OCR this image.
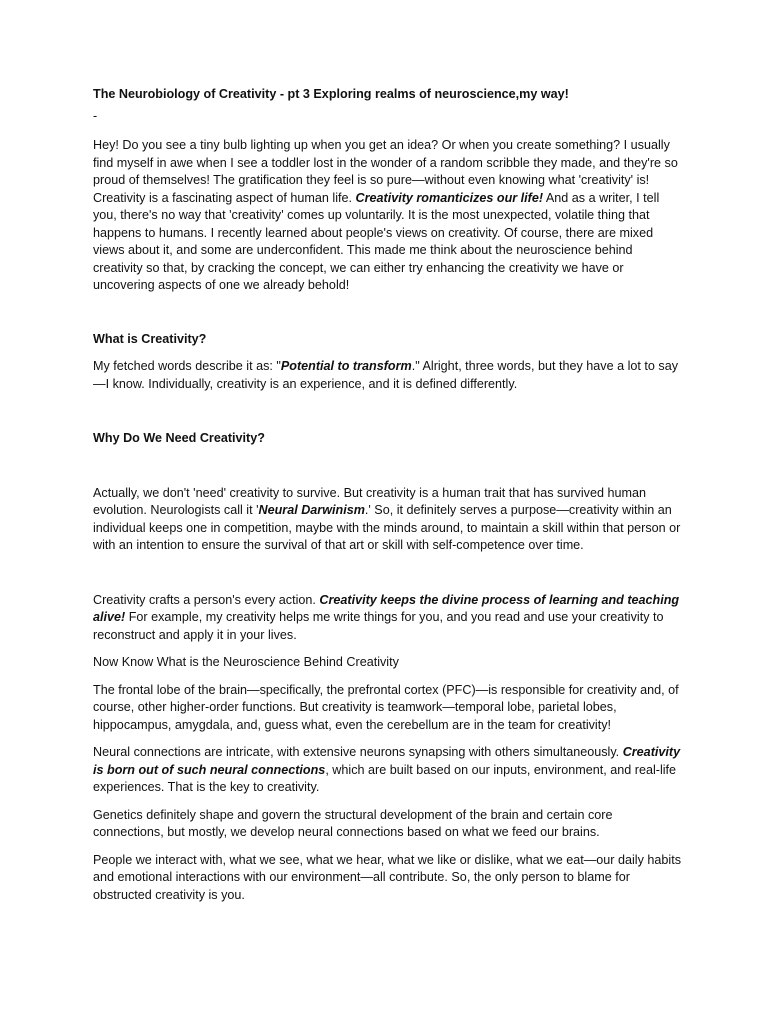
The Neurobiology of Creativity - pt 3 Exploring realms of neuroscience,my way!

-

Hey! Do you see a tiny bulb lighting up when you get an idea? Or when you create something? I usually find myself in awe when I see a toddler lost in the wonder of a random scribble they made, and they're so proud of themselves! The gratification they feel is so pure—without even knowing what 'creativity' is! Creativity is a fascinating aspect of human life. Creativity romanticizes our life! And as a writer, I tell you, there's no way that 'creativity' comes up voluntarily. It is the most unexpected, volatile thing that happens to humans. I recently learned about people's views on creativity. Of course, there are mixed views about it, and some are underconfident. This made me think about the neuroscience behind creativity so that, by cracking the concept, we can either try enhancing the creativity we have or uncovering aspects of one we already behold!

What is Creativity?

My fetched words describe it as: "Potential to transform." Alright, three words, but they have a lot to say—I know. Individually, creativity is an experience, and it is defined differently.

Why Do We Need Creativity?

Actually, we don't 'need' creativity to survive. But creativity is a human trait that has survived human evolution. Neurologists call it 'Neural Darwinism.' So, it definitely serves a purpose—creativity within an individual keeps one in competition, maybe with the minds around, to maintain a skill within that person or with an intention to ensure the survival of that art or skill with self-competence over time.

Creativity crafts a person's every action. Creativity keeps the divine process of learning and teaching alive! For example, my creativity helps me write things for you, and you read and use your creativity to reconstruct and apply it in your lives.

Now Know What is the Neuroscience Behind Creativity

The frontal lobe of the brain—specifically, the prefrontal cortex (PFC)—is responsible for creativity and, of course, other higher-order functions. But creativity is teamwork—temporal lobe, parietal lobes, hippocampus, amygdala, and, guess what, even the cerebellum are in the team for creativity!

Neural connections are intricate, with extensive neurons synapsing with others simultaneously. Creativity is born out of such neural connections, which are built based on our inputs, environment, and real-life experiences. That is the key to creativity.

Genetics definitely shape and govern the structural development of the brain and certain core connections, but mostly, we develop neural connections based on what we feed our brains.

People we interact with, what we see, what we hear, what we like or dislike, what we eat—our daily habits and emotional interactions with our environment—all contribute. So, the only person to blame for obstructed creativity is you.
